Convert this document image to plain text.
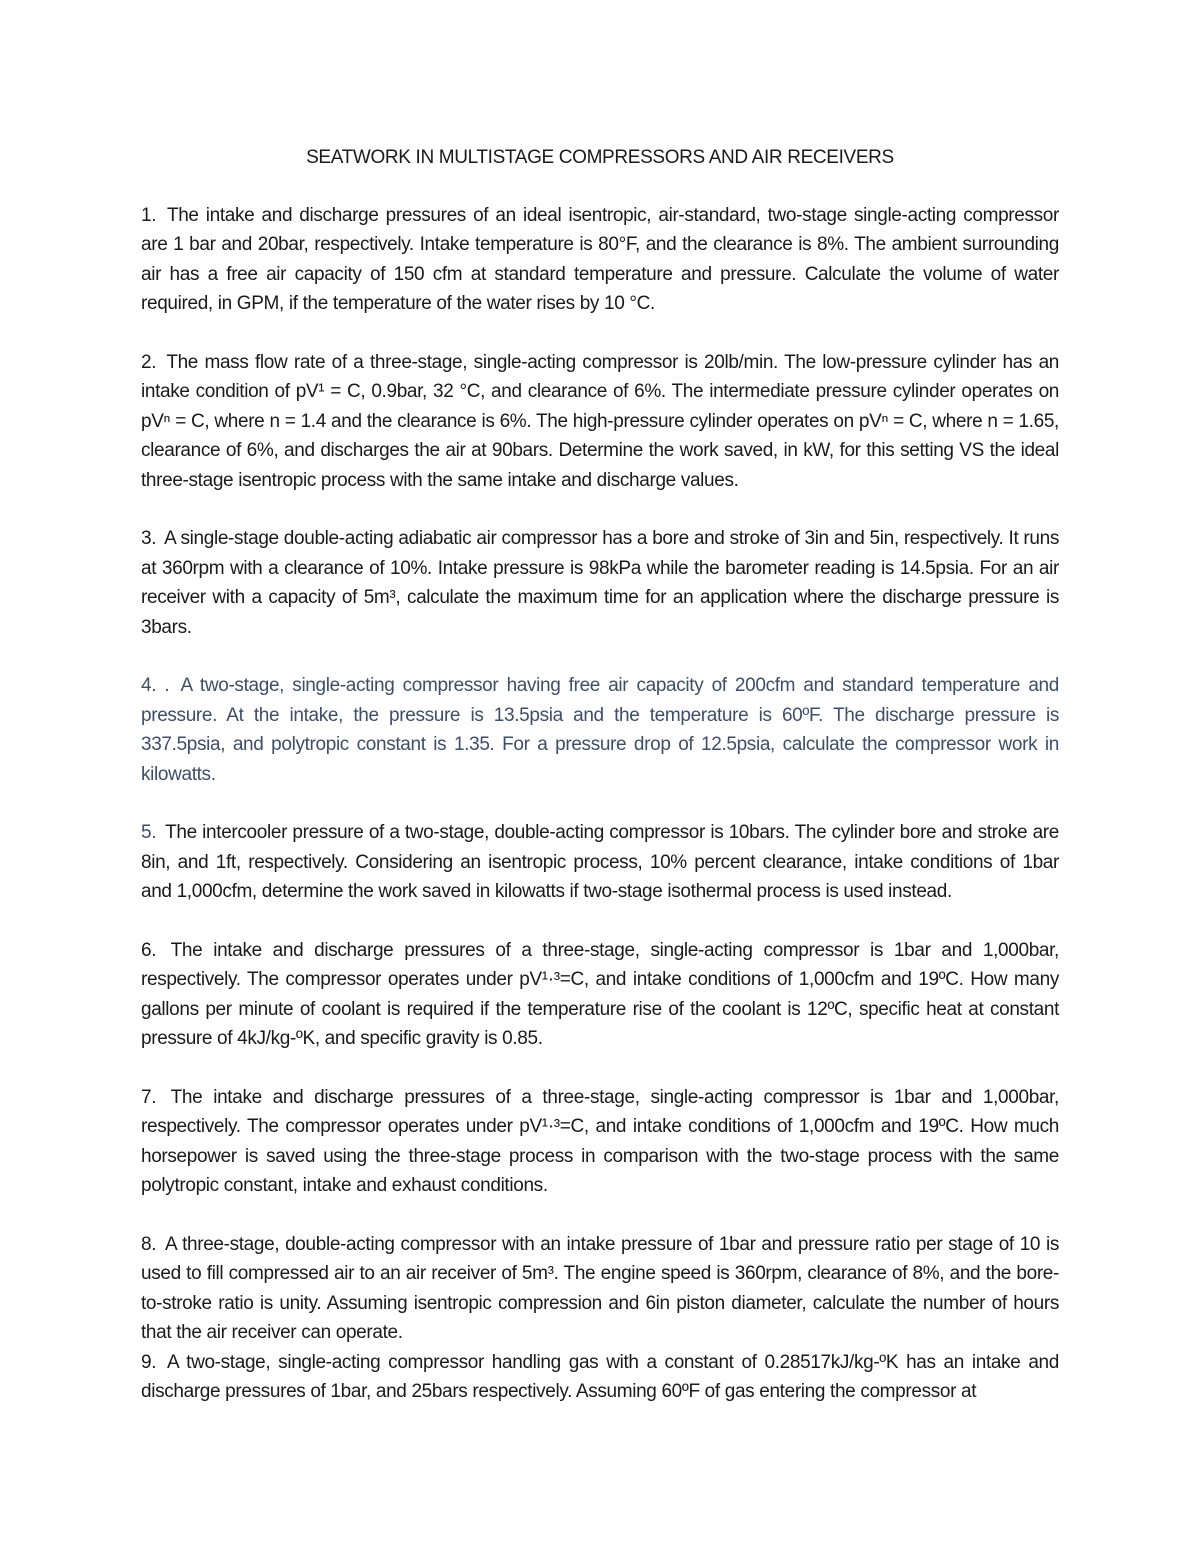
SEATWORK IN MULTISTAGE COMPRESSORS AND AIR RECEIVERS

1. The intake and discharge pressures of an ideal isentropic, air-standard, two-stage single-acting compressor are 1 bar and 20bar, respectively. Intake temperature is 80°F, and the clearance is 8%. The ambient surrounding air has a free air capacity of 150 cfm at standard temperature and pressure. Calculate the volume of water required, in GPM, if the temperature of the water rises by 10 °C.

2. The mass flow rate of a three-stage, single-acting compressor is 20lb/min. The low-pressure cylinder has an intake condition of pV¹ = C, 0.9bar, 32 °C, and clearance of 6%. The intermediate pressure cylinder operates on pVⁿ = C, where n = 1.4 and the clearance is 6%. The high-pressure cylinder operates on pVⁿ = C, where n = 1.65, clearance of 6%, and discharges the air at 90bars. Determine the work saved, in kW, for this setting VS the ideal three-stage isentropic process with the same intake and discharge values.

3. A single-stage double-acting adiabatic air compressor has a bore and stroke of 3in and 5in, respectively. It runs at 360rpm with a clearance of 10%. Intake pressure is 98kPa while the barometer reading is 14.5psia. For an air receiver with a capacity of 5m³, calculate the maximum time for an application where the discharge pressure is 3bars.

4. . A two-stage, single-acting compressor having free air capacity of 200cfm and standard temperature and pressure. At the intake, the pressure is 13.5psia and the temperature is 60ºF. The discharge pressure is 337.5psia, and polytropic constant is 1.35. For a pressure drop of 12.5psia, calculate the compressor work in kilowatts.

5. The intercooler pressure of a two-stage, double-acting compressor is 10bars. The cylinder bore and stroke are 8in, and 1ft, respectively. Considering an isentropic process, 10% percent clearance, intake conditions of 1bar and 1,000cfm, determine the work saved in kilowatts if two-stage isothermal process is used instead.

6. The intake and discharge pressures of a three-stage, single-acting compressor is 1bar and 1,000bar, respectively. The compressor operates under pV¹·³=C, and intake conditions of 1,000cfm and 19ºC. How many gallons per minute of coolant is required if the temperature rise of the coolant is 12ºC, specific heat at constant pressure of 4kJ/kg-ºK, and specific gravity is 0.85.

7. The intake and discharge pressures of a three-stage, single-acting compressor is 1bar and 1,000bar, respectively. The compressor operates under pV¹·³=C, and intake conditions of 1,000cfm and 19ºC. How much horsepower is saved using the three-stage process in comparison with the two-stage process with the same polytropic constant, intake and exhaust conditions.

8. A three-stage, double-acting compressor with an intake pressure of 1bar and pressure ratio per stage of 10 is used to fill compressed air to an air receiver of 5m³. The engine speed is 360rpm, clearance of 8%, and the bore-to-stroke ratio is unity. Assuming isentropic compression and 6in piston diameter, calculate the number of hours that the air receiver can operate.

9. A two-stage, single-acting compressor handling gas with a constant of 0.28517kJ/kg-ºK has an intake and discharge pressures of 1bar, and 25bars respectively. Assuming 60ºF of gas entering the compressor at
